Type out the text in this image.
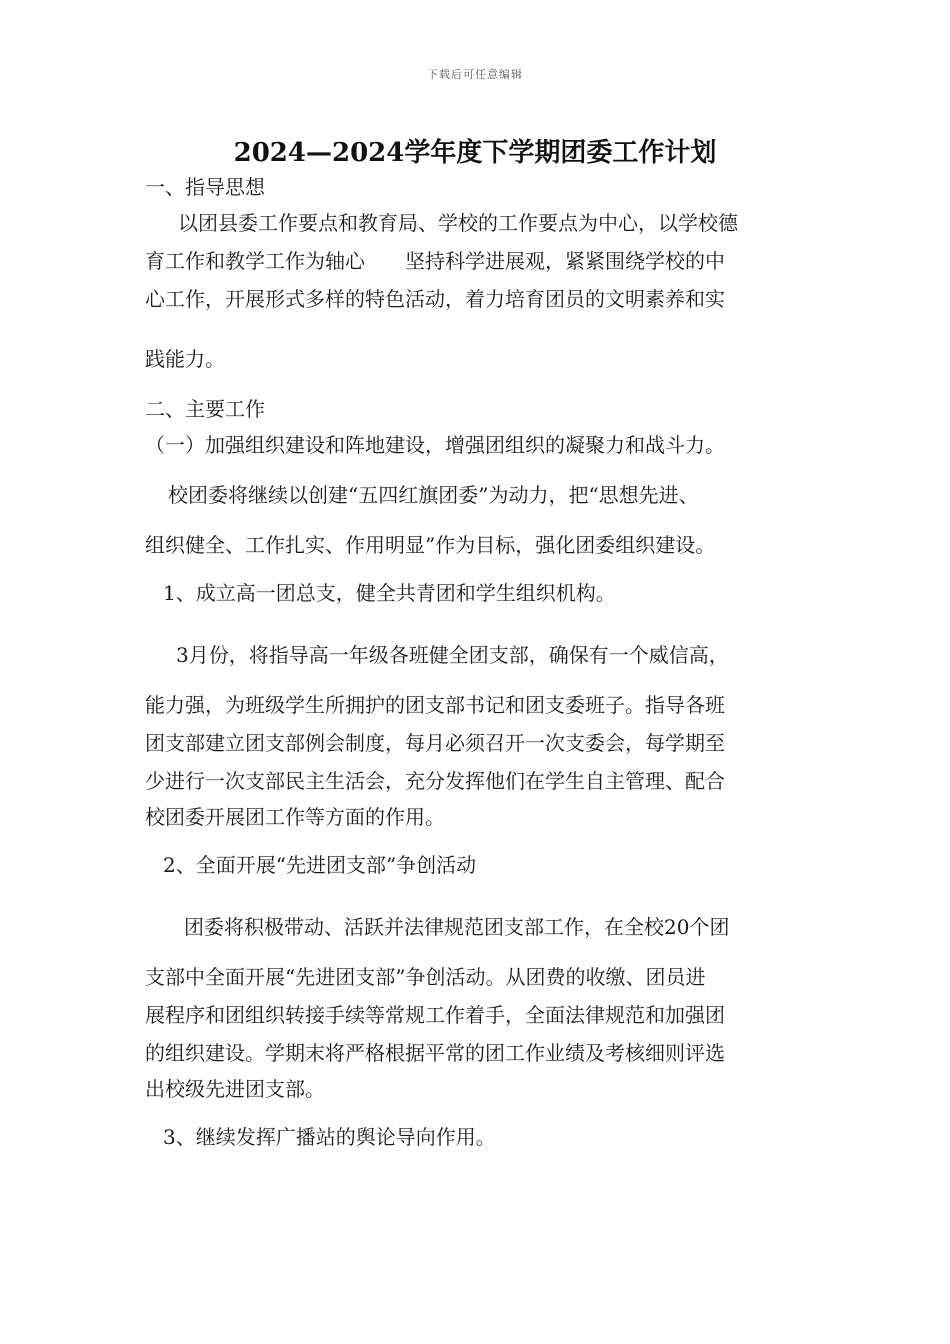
下载后可任意编辑
2024—2024学年度下学期团委工作计划
一、指导思想
以团县委工作要点和教育局、学校的工作要点为中心，以学校德
育工作和教学工作为轴心　　坚持科学进展观，紧紧围绕学校的中
心工作，开展形式多样的特色活动，着力培育团员的文明素养和实
践能力。
二、主要工作
（一）加强组织建设和阵地建设，增强团组织的凝聚力和战斗力。
校团委将继续以创建“五四红旗团委”为动力，把“思想先进、
组织健全、工作扎实、作用明显”作为目标，强化团委组织建设。
1、成立高一团总支，健全共青团和学生组织机构。
3月份，将指导高一年级各班健全团支部，确保有一个威信高，
能力强，为班级学生所拥护的团支部书记和团支委班子。指导各班
团支部建立团支部例会制度，每月必须召开一次支委会，每学期至
少进行一次支部民主生活会，充分发挥他们在学生自主管理、配合
校团委开展团工作等方面的作用。
2、全面开展“先进团支部”争创活动
团委将积极带动、活跃并法律规范团支部工作，在全校20个团
支部中全面开展“先进团支部”争创活动。从团费的收缴、团员进
展程序和团组织转接手续等常规工作着手，全面法律规范和加强团
的组织建设。学期末将严格根据平常的团工作业绩及考核细则评选
出校级先进团支部。
3、继续发挥广播站的舆论导向作用。
